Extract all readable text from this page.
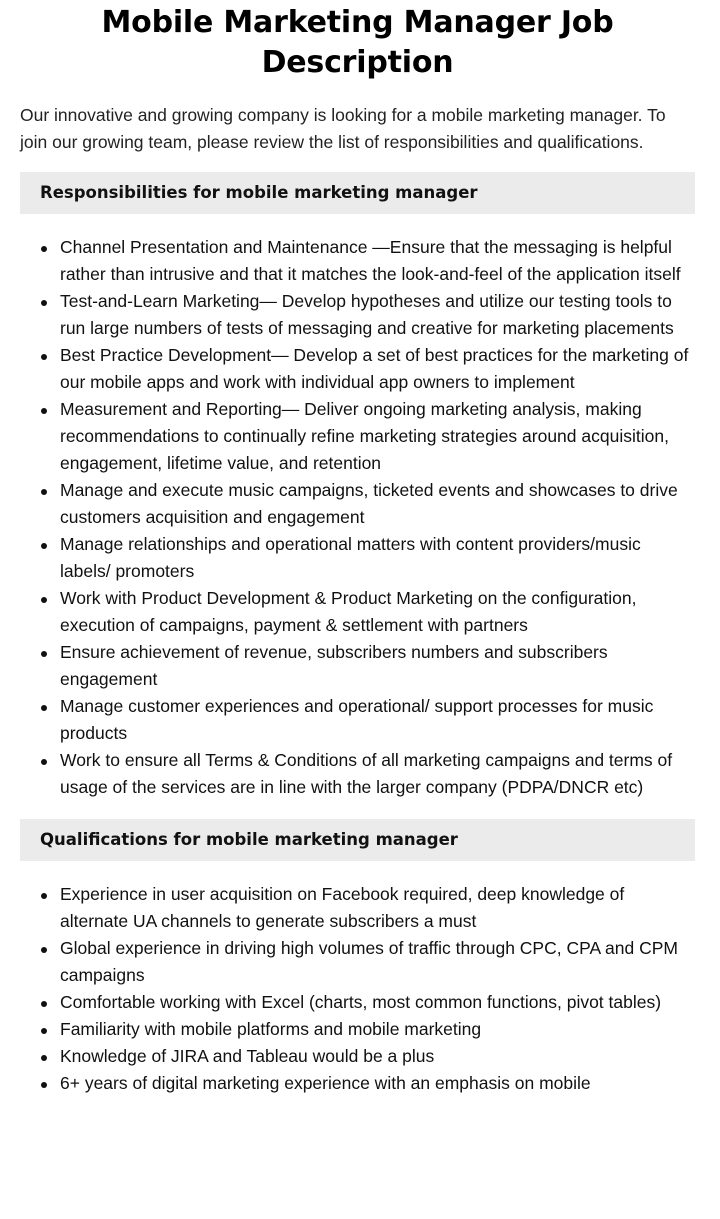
Mobile Marketing Manager Job Description

Our innovative and growing company is looking for a mobile marketing manager. To join our growing team, please review the list of responsibilities and qualifications.

Responsibilities for mobile marketing manager
Channel Presentation and Maintenance —Ensure that the messaging is helpful rather than intrusive and that it matches the look-and-feel of the application itself
Test-and-Learn Marketing— Develop hypotheses and utilize our testing tools to run large numbers of tests of messaging and creative for marketing placements
Best Practice Development— Develop a set of best practices for the marketing of our mobile apps and work with individual app owners to implement
Measurement and Reporting— Deliver ongoing marketing analysis, making recommendations to continually refine marketing strategies around acquisition, engagement, lifetime value, and retention
Manage and execute music campaigns, ticketed events and showcases to drive customers acquisition and engagement
Manage relationships and operational matters with content providers/music labels/ promoters
Work with Product Development & Product Marketing on the configuration, execution of campaigns, payment & settlement with partners
Ensure achievement of revenue, subscribers numbers and subscribers engagement
Manage customer experiences and operational/ support processes for music products
Work to ensure all Terms & Conditions of all marketing campaigns and terms of usage of the services are in line with the larger company (PDPA/DNCR etc)
Qualifications for mobile marketing manager
Experience in user acquisition on Facebook required, deep knowledge of alternate UA channels to generate subscribers a must
Global experience in driving high volumes of traffic through CPC, CPA and CPM campaigns
Comfortable working with Excel (charts, most common functions, pivot tables)
Familiarity with mobile platforms and mobile marketing
Knowledge of JIRA and Tableau would be a plus
6+ years of digital marketing experience with an emphasis on mobile
